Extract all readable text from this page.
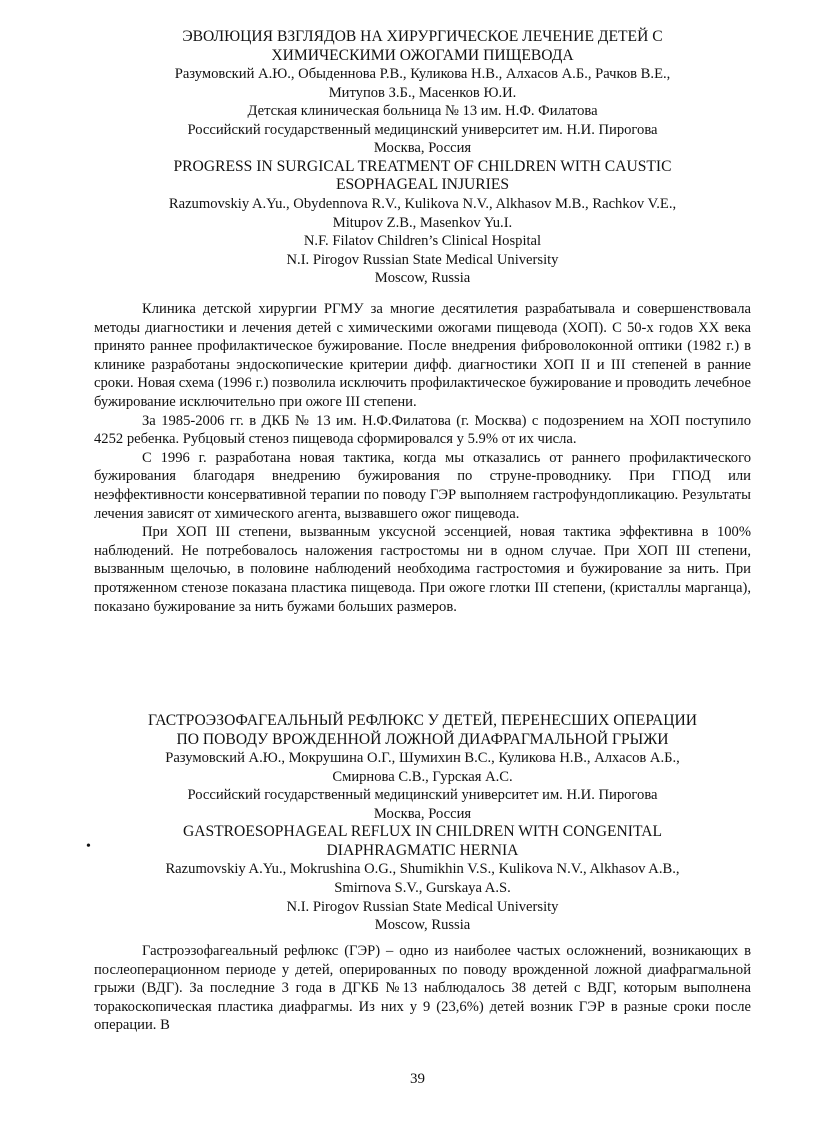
ЭВОЛЮЦИЯ ВЗГЛЯДОВ НА ХИРУРГИЧЕСКОЕ ЛЕЧЕНИЕ ДЕТЕЙ С
ХИМИЧЕСКИМИ ОЖОГАМИ ПИЩЕВОДА
Разумовский А.Ю., Обыденнова Р.В., Куликова Н.В., Алхасов А.Б., Рачков В.Е.,
Митупов З.Б., Масенков Ю.И.
Детская клиническая больница № 13 им. Н.Ф. Филатова
Российский государственный медицинский университет им. Н.И. Пирогова
Москва, Россия
PROGRESS IN SURGICAL TREATMENT OF CHILDREN WITH CAUSTIC
ESOPHAGEAL INJURIES
Razumovskiy A.Yu., Obydennova R.V., Kulikova N.V., Alkhasov M.B., Rachkov V.E.,
Mitupov Z.B., Masenkov Yu.I.
N.F. Filatov Children’s Clinical Hospital
N.I. Pirogov Russian State Medical University
Moscow, Russia

Клиника детской хирургии РГМУ за многие десятилетия разрабатывала и совершенствовала методы диагностики и лечения детей с химическими ожогами пищевода (ХОП). С 50-х годов XX века принято раннее профилактическое бужирование. После внедрения фиброволоконной оптики (1982 г.) в клинике разработаны эндоскопические критерии дифф. диагностики ХОП II и III степеней в ранние сроки. Новая схема (1996 г.) позволила исключить профилактическое бужирование и проводить лечебное бужирование исключительно при ожоге III степени.

За 1985-2006 гг. в ДКБ № 13 им. Н.Ф.Филатова (г. Москва) с подозрением на ХОП поступило 4252 ребенка. Рубцовый стеноз пищевода сформировался у 5.9% от их числа.

С 1996 г. разработана новая тактика, когда мы отказались от раннего профилактического бужирования благодаря внедрению бужирования по струне-проводнику. При ГПОД или неэффективности консервативной терапии по поводу ГЭР выполняем гастрофундопликацию. Результаты лечения зависят от химического агента, вызвавшего ожог пищевода.

При ХОП III степени, вызванным уксусной эссенцией, новая тактика эффективна в 100% наблюдений. Не потребовалось наложения гастростомы ни в одном случае. При ХОП III степени, вызванным щелочью, в половине наблюдений необходима гастростомия и бужирование за нить. При протяженном стенозе показана пластика пищевода. При ожоге глотки III степени, (кристаллы марганца), показано бужирование за нить бужами больших размеров.

ГАСТРОЭЗОФАГЕАЛЬНЫЙ РЕФЛЮКС У ДЕТЕЙ, ПЕРЕНЕСШИХ ОПЕРАЦИИ
ПО ПОВОДУ ВРОЖДЕННОЙ ЛОЖНОЙ ДИАФРАГМАЛЬНОЙ ГРЫЖИ
Разумовский А.Ю., Мокрушина О.Г., Шумихин В.С., Куликова Н.В., Алхасов А.Б.,
Смирнова С.В., Гурская А.С.
Российский государственный медицинский университет им. Н.И. Пирогова
Москва, Россия
GASTROESOPHAGEAL REFLUX IN CHILDREN WITH CONGENITAL
DIAPHRAGMATIC HERNIA
Razumovskiy A.Yu., Mokrushina O.G., Shumikhin V.S., Kulikova N.V., Alkhasov A.B.,
Smirnova S.V., Gurskaya A.S.
N.I. Pirogov Russian State Medical University
Moscow, Russia
•

Гастроэзофагеальный рефлюкс (ГЭР) – одно из наиболее частых осложнений, возникающих в послеоперационном периоде у детей, оперированных по поводу врожденной ложной диафрагмальной грыжи (ВДГ). За последние 3 года в ДГКБ №13 наблюдалось 38 детей с ВДГ, которым выполнена торакоскопическая пластика диафрагмы. Из них у 9 (23,6%) детей возник ГЭР в разные сроки после операции. В

39
